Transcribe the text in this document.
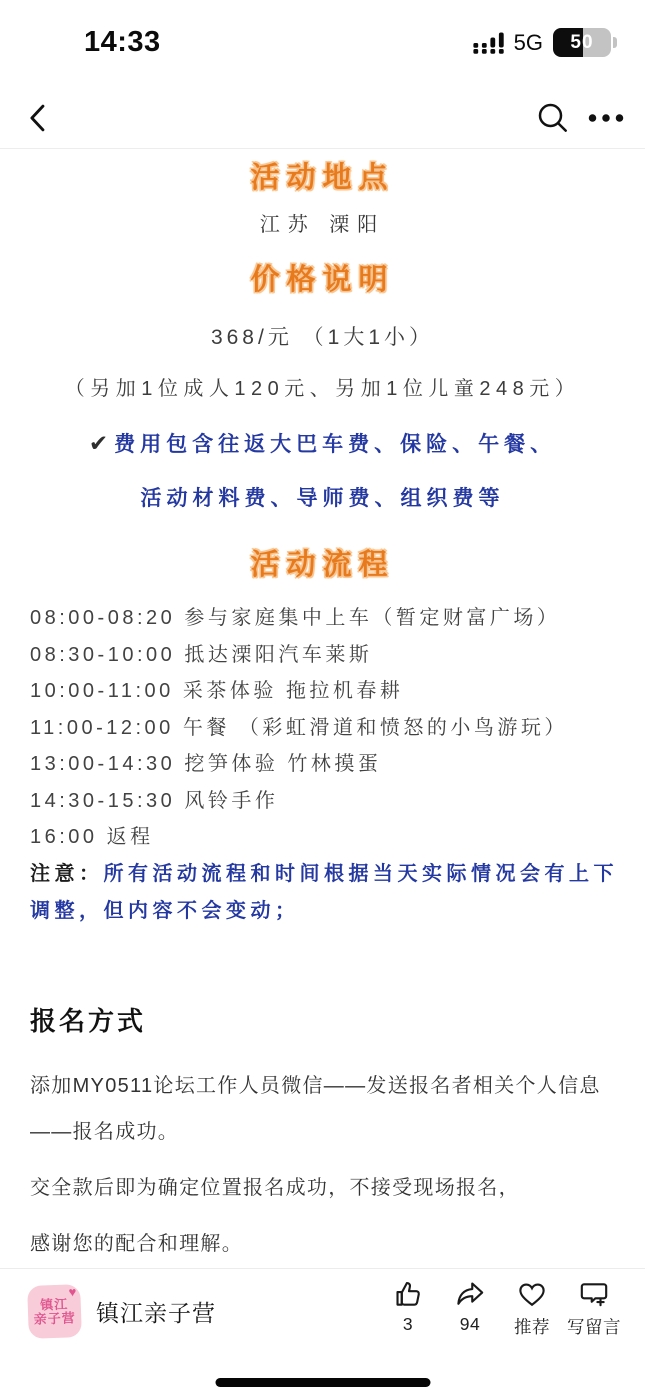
14:33	5G 50
活动地点
江苏 溧阳
价格说明
368/元 （1大1小）
（另加1位成人120元、另加1位儿童248元）
✔ 费用包含往返大巴车费、保险、午餐、
活动材料费、导师费、组织费等
活动流程
08:00-08:20 参与家庭集中上车（暂定财富广场）
08:30-10:00 抵达溧阳汽车莱斯
10:00-11:00 采茶体验 拖拉机春耕
11:00-12:00 午餐 （彩虹滑道和愤怒的小鸟游玩）
13:00-14:30 挖笋体验 竹林摸蛋
14:30-15:30 风铃手作
16:00 返程
注意：所有活动流程和时间根据当天实际情况会有上下调整，但内容不会变动；
报名方式

添加MY0511论坛工作人员微信——发送报名者相关个人信息——报名成功。

交全款后即为确定位置报名成功，不接受现场报名，

感谢您的配合和理解。

♥
镇江
亲子营 镇江亲子营	3	94 推荐 写留言
